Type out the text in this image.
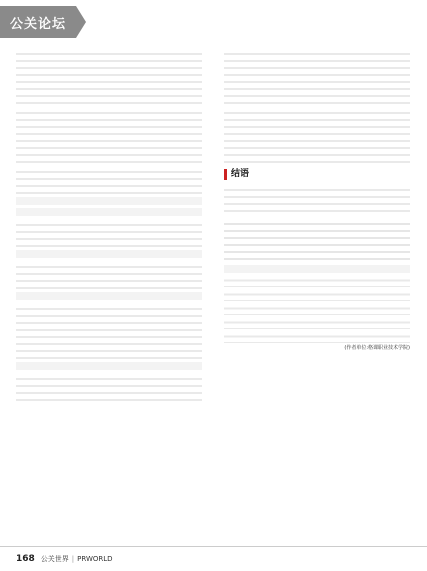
公关论坛

结语

(作者单位:格课职业技术学院)
168 公关世界 | PRWORLD
